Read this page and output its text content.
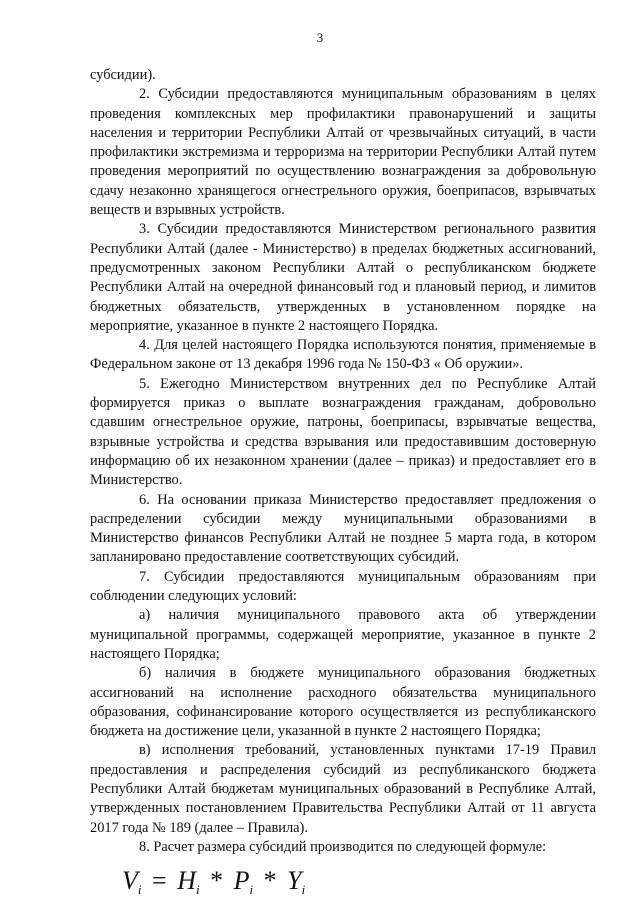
3

субсидии).

2. Субсидии предоставляются муниципальным образованиям в целях проведения комплексных мер профилактики правонарушений и защиты населения и территории Республики Алтай от чрезвычайных ситуаций, в части профилактики экстремизма и терроризма на территории Республики Алтай путем проведения мероприятий по осуществлению вознаграждения за добровольную сдачу незаконно хранящегося огнестрельного оружия, боеприпасов, взрывчатых веществ и взрывных устройств.

3. Субсидии предоставляются Министерством регионального развития Республики Алтай (далее - Министерство) в пределах бюджетных ассигнований, предусмотренных законом Республики Алтай о республиканском бюджете Республики Алтай на очередной финансовый год и плановый период, и лимитов бюджетных обязательств, утвержденных в установленном порядке на мероприятие, указанное в пункте 2 настоящего Порядка.

4. Для целей настоящего Порядка используются понятия, применяемые в Федеральном законе от 13 декабря 1996 года № 150-ФЗ « Об оружии».

5. Ежегодно Министерством внутренних дел по Республике Алтай формируется приказ о выплате вознаграждения гражданам, добровольно сдавшим огнестрельное оружие, патроны, боеприпасы, взрывчатые вещества, взрывные устройства и средства взрывания или предоставившим достоверную информацию об их незаконном хранении (далее – приказ) и предоставляет его в Министерство.

6. На основании приказа Министерство предоставляет предложения о распределении субсидии между муниципальными образованиями в Министерство финансов Республики Алтай не позднее 5 марта года, в котором запланировано предоставление соответствующих субсидий.

7. Субсидии предоставляются муниципальным образованиям при соблюдении следующих условий:

а) наличия муниципального правового акта об утверждении муниципальной программы, содержащей мероприятие, указанное в пункте 2 настоящего Порядка;

б) наличия в бюджете муниципального образования бюджетных ассигнований на исполнение расходного обязательства муниципального образования, софинансирование которого осуществляется из республиканского бюджета на достижение цели, указанной в пункте 2 настоящего Порядка;

в) исполнения требований, установленных пунктами 17-19 Правил предоставления и распределения субсидий из республиканского бюджета Республики Алтай бюджетам муниципальных образований в Республике Алтай, утвержденных постановлением Правительства Республики Алтай от 11 августа 2017 года № 189 (далее – Правила).

8. Расчет размера субсидий производится по следующей формуле:

$V_i = H_i * P_i * Y_i$
